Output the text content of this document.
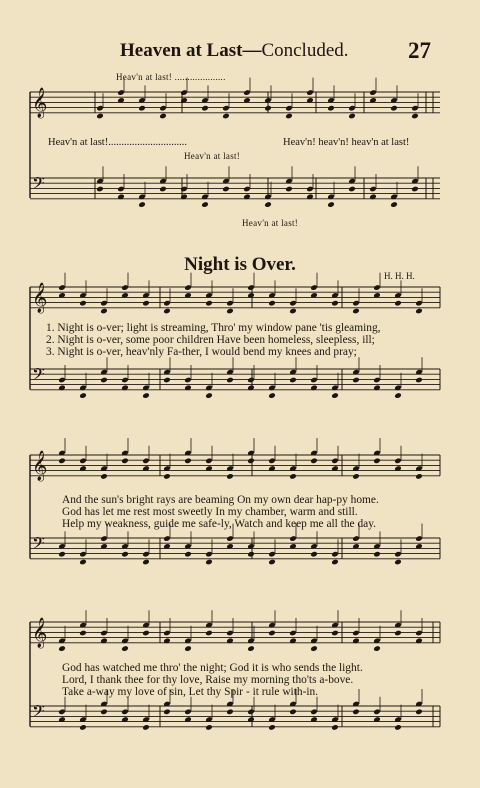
Heaven at Last—Concluded.	27
Heav'n at last! ....................
Heav'n at last!..............................	Heav'n! heav'n! heav'n at last!
Heav'n at last!
Heav'n at last!
Night is Over.
H. H. H.
1. Night is o-ver; light is streaming, Thro' my window pane 'tis gleaming,
2. Night is o-ver, some poor children Have been homeless, sleepless, ill;
3. Night is o-ver, heav'nly Fa-ther, I would bend my knees and pray;
And the sun's bright rays are beaming On my own dear hap-py home.
God has let me rest most sweetly In my chamber, warm and still.
Help my weakness, guide me safe-ly, Watch and keep me all the day.
God has watched me thro' the night; God it is who sends the light.
Lord, I thank thee for thy love, Raise my morning tho'ts a-bove.
Take a-way my love of sin, Let thy Spir - it rule with-in.
𝄞
𝄢
𝄞
𝄢
𝄞
𝄢
𝄞
𝄢
